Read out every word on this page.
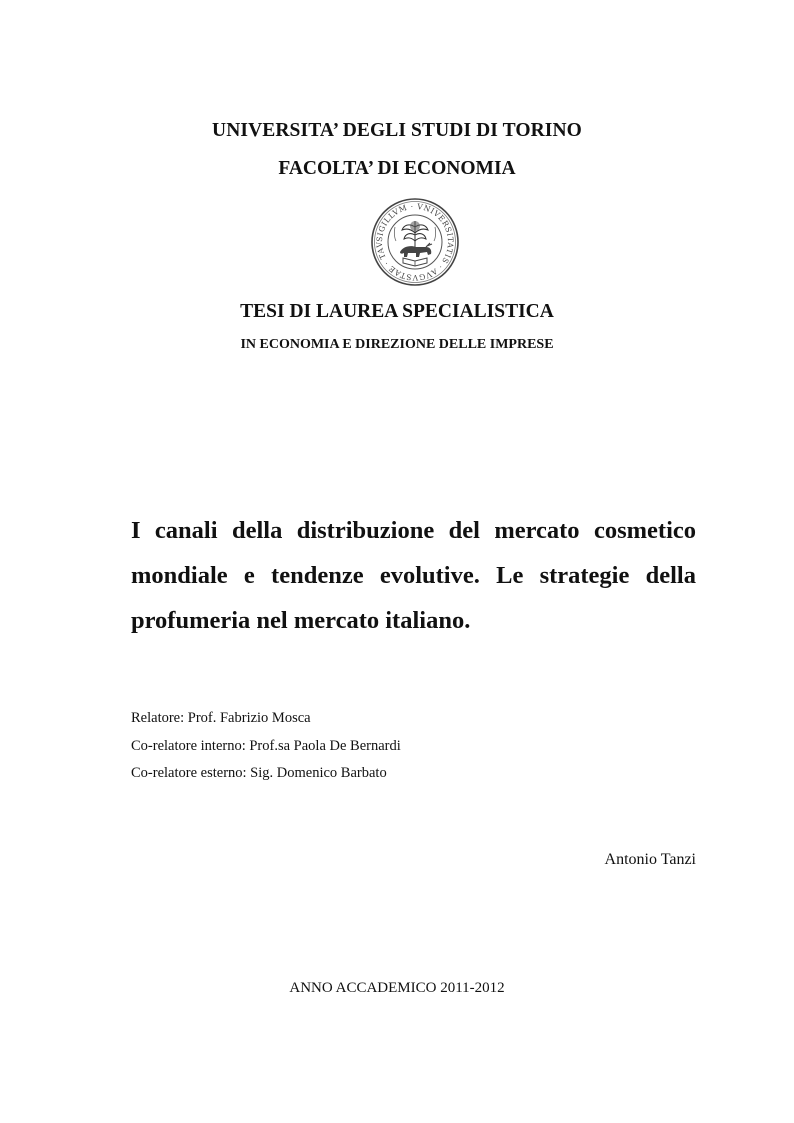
UNIVERSITA’ DEGLI STUDI DI TORINO
FACOLTA’ DI ECONOMIA
SIGILLVM · VNIVERSITATIS · AVGVSTAE · TAV
TESI DI LAUREA SPECIALISTICA
IN ECONOMIA E DIREZIONE DELLE IMPRESE
I canali della distribuzione del mercato cosmetico
mondiale e tendenze evolutive. Le strategie della
profumeria nel mercato italiano.
Relatore: Prof. Fabrizio Mosca
Co-relatore interno: Prof.sa Paola De Bernardi
Co-relatore esterno: Sig. Domenico Barbato
Antonio Tanzi
ANNO ACCADEMICO 2011-2012
